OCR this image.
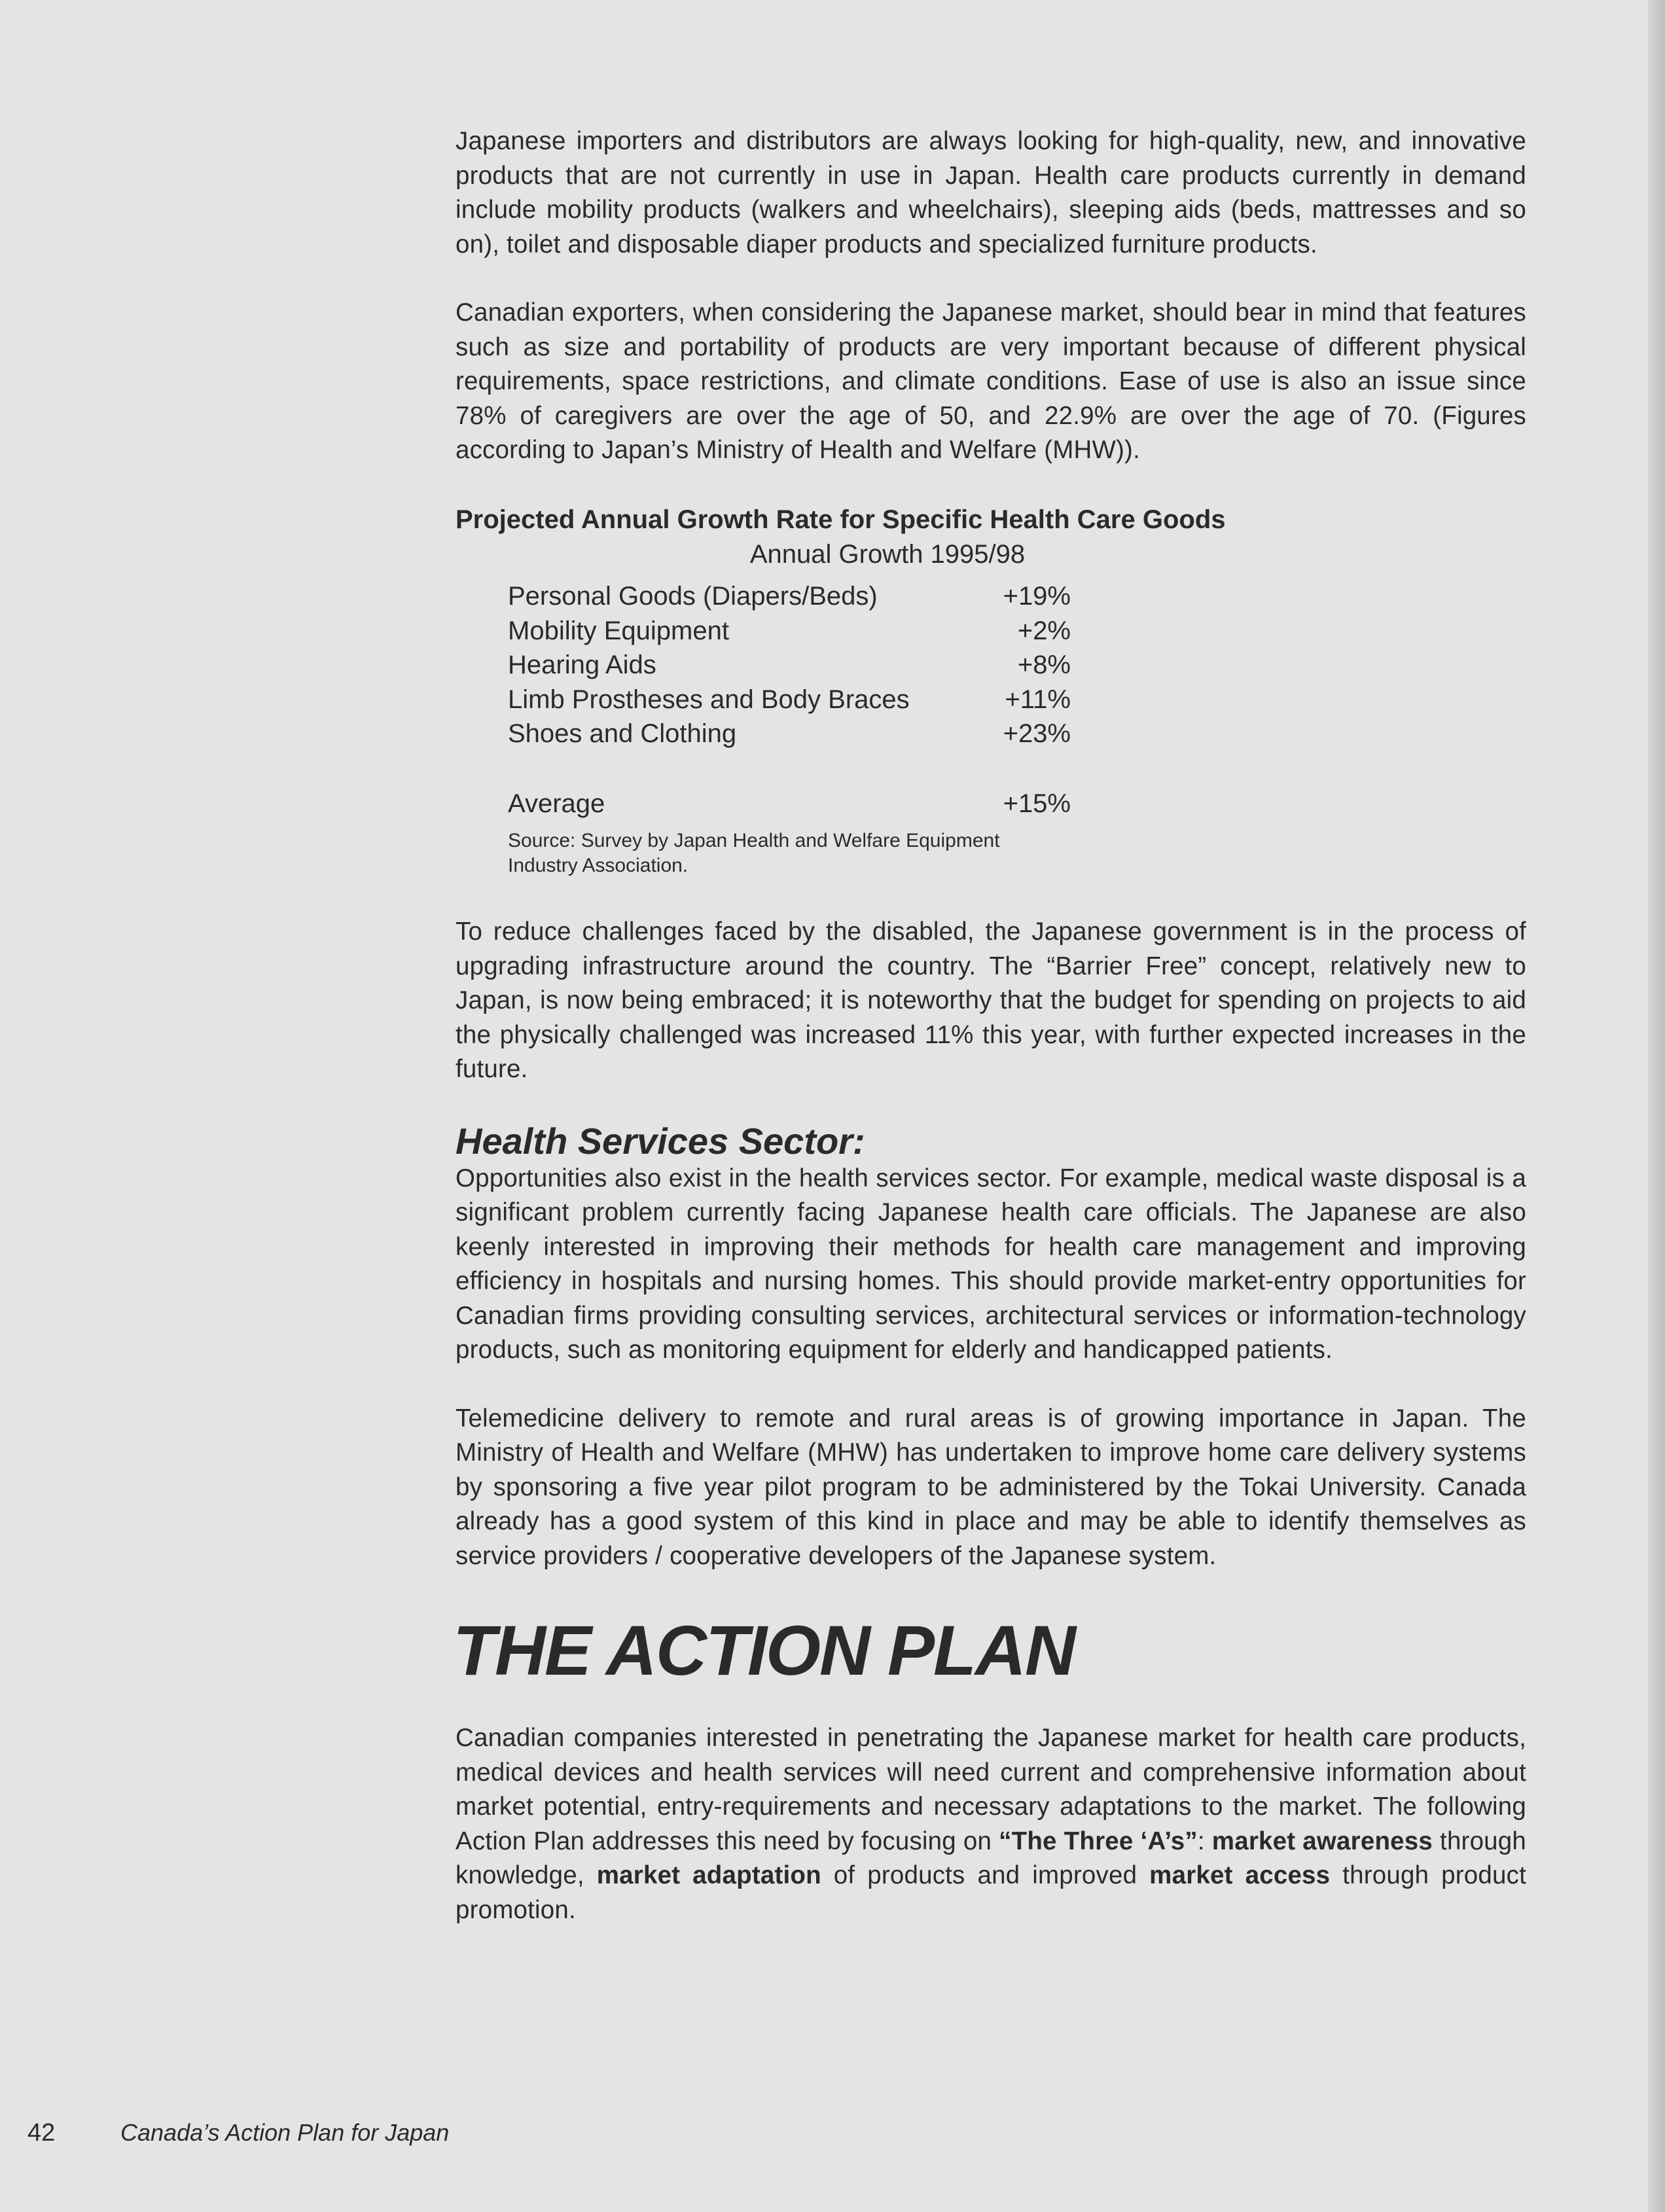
Japanese importers and distributors are always looking for high-quality, new, and innovative products that are not currently in use in Japan. Health care products currently in demand include mobility products (walkers and wheelchairs), sleeping aids (beds, mattresses and so on), toilet and disposable diaper products and specialized furniture products.

Canadian exporters, when considering the Japanese market, should bear in mind that features such as size and portability of products are very important because of different physical requirements, space restrictions, and climate conditions. Ease of use is also an issue since 78% of caregivers are over the age of 50, and 22.9% are over the age of 70. (Figures according to Japan’s Ministry of Health and Welfare (MHW)).

Projected Annual Growth Rate for Specific Health Care Goods
Annual Growth 1995/98
Personal Goods (Diapers/Beds)	+19%
Mobility Equipment	+2%
Hearing Aids	+8%
Limb Prostheses and Body Braces	+11%
Shoes and Clothing	+23%
Average	+15%
Source: Survey by Japan Health and Welfare Equipment Industry Association.

To reduce challenges faced by the disabled, the Japanese government is in the process of upgrading infrastructure around the country. The “Barrier Free” concept, relatively new to Japan, is now being embraced; it is noteworthy that the budget for spending on projects to aid the physically challenged was increased 11% this year, with further expected increases in the future.

Health Services Sector:

Opportunities also exist in the health services sector. For example, medical waste disposal is a significant problem currently facing Japanese health care officials. The Japanese are also keenly interested in improving their methods for health care management and improving efficiency in hospitals and nursing homes. This should provide market-entry opportunities for Canadian firms providing consulting services, architectural services or information-technology products, such as monitoring equipment for elderly and handicapped patients.

Telemedicine delivery to remote and rural areas is of growing importance in Japan. The Ministry of Health and Welfare (MHW) has undertaken to improve home care delivery systems by sponsoring a five year pilot program to be administered by the Tokai University. Canada already has a good system of this kind in place and may be able to identify themselves as service providers / cooperative developers of the Japanese system.

THE ACTION PLAN

Canadian companies interested in penetrating the Japanese market for health care products, medical devices and health services will need current and comprehensive information about market potential, entry-requirements and necessary adaptations to the market. The following Action Plan addresses this need by focusing on “The Three ‘A’s”: market awareness through knowledge, market adaptation of products and improved market access through product promotion.

42	Canada’s Action Plan for Japan
